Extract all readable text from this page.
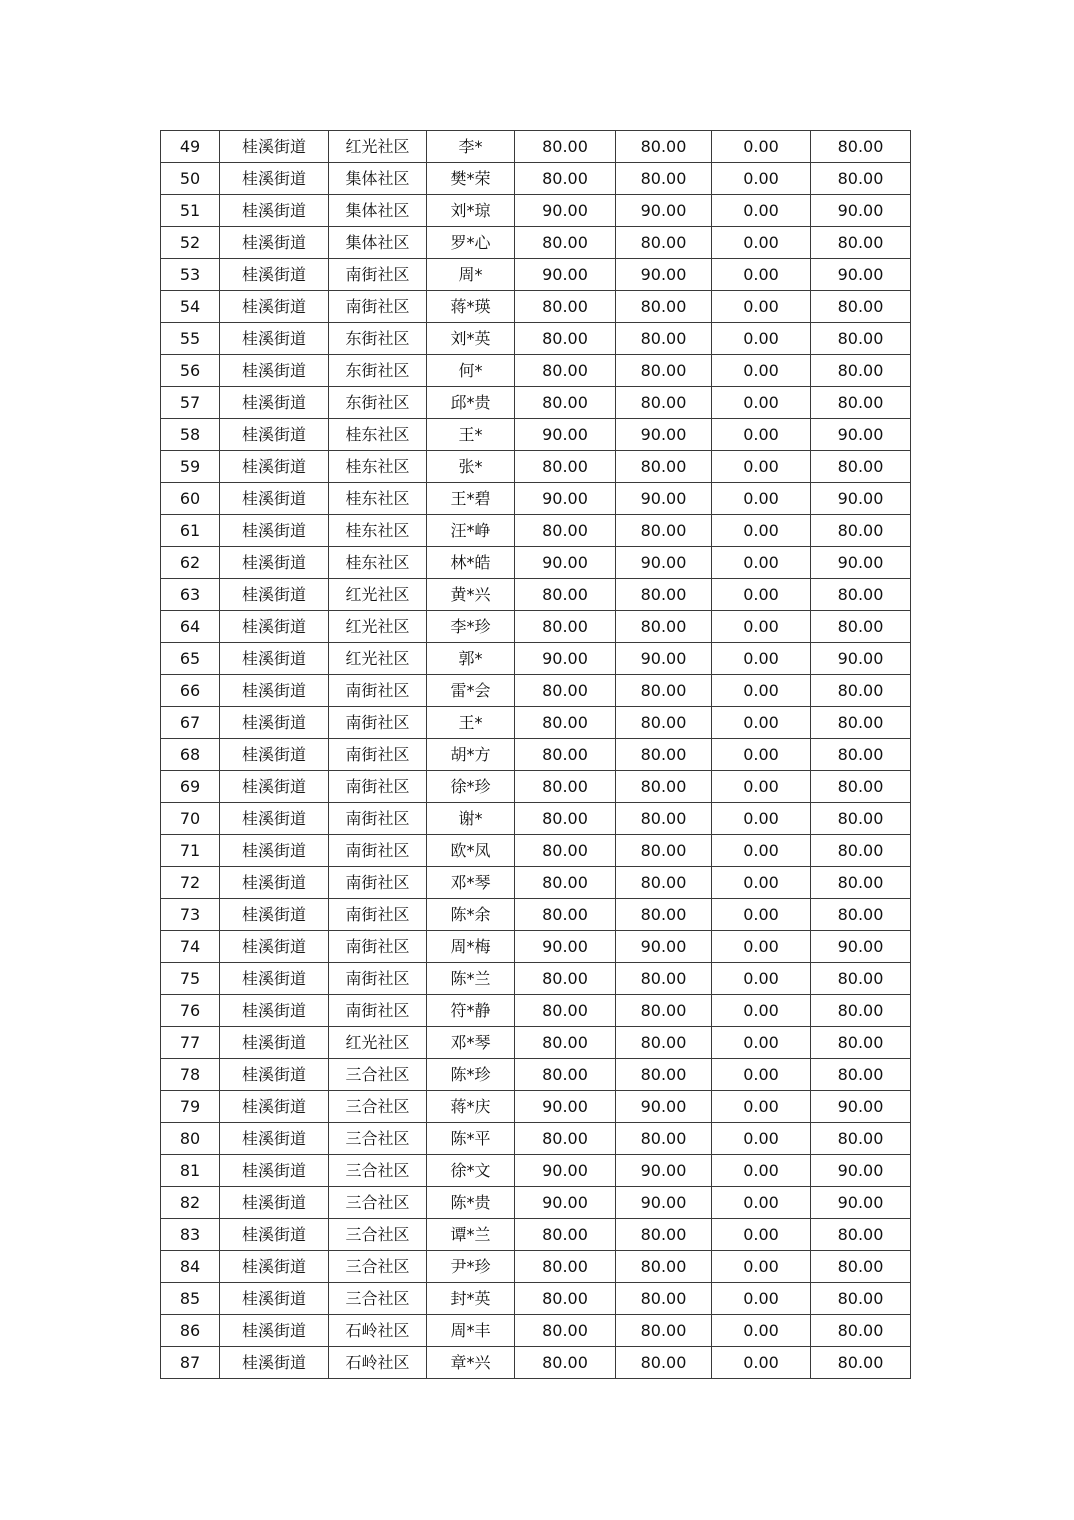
49	桂溪街道	红光社区	李*	80.00	80.00	0.00	80.00
50	桂溪街道	集体社区	樊*荣	80.00	80.00	0.00	80.00
51	桂溪街道	集体社区	刘*琼	90.00	90.00	0.00	90.00
52	桂溪街道	集体社区	罗*心	80.00	80.00	0.00	80.00
53	桂溪街道	南街社区	周*	90.00	90.00	0.00	90.00
54	桂溪街道	南街社区	蒋*瑛	80.00	80.00	0.00	80.00
55	桂溪街道	东街社区	刘*英	80.00	80.00	0.00	80.00
56	桂溪街道	东街社区	何*	80.00	80.00	0.00	80.00
57	桂溪街道	东街社区	邱*贵	80.00	80.00	0.00	80.00
58	桂溪街道	桂东社区	王*	90.00	90.00	0.00	90.00
59	桂溪街道	桂东社区	张*	80.00	80.00	0.00	80.00
60	桂溪街道	桂东社区	王*碧	90.00	90.00	0.00	90.00
61	桂溪街道	桂东社区	汪*峥	80.00	80.00	0.00	80.00
62	桂溪街道	桂东社区	林*皓	90.00	90.00	0.00	90.00
63	桂溪街道	红光社区	黄*兴	80.00	80.00	0.00	80.00
64	桂溪街道	红光社区	李*珍	80.00	80.00	0.00	80.00
65	桂溪街道	红光社区	郭*	90.00	90.00	0.00	90.00
66	桂溪街道	南街社区	雷*会	80.00	80.00	0.00	80.00
67	桂溪街道	南街社区	王*	80.00	80.00	0.00	80.00
68	桂溪街道	南街社区	胡*方	80.00	80.00	0.00	80.00
69	桂溪街道	南街社区	徐*珍	80.00	80.00	0.00	80.00
70	桂溪街道	南街社区	谢*	80.00	80.00	0.00	80.00
71	桂溪街道	南街社区	欧*凤	80.00	80.00	0.00	80.00
72	桂溪街道	南街社区	邓*琴	80.00	80.00	0.00	80.00
73	桂溪街道	南街社区	陈*余	80.00	80.00	0.00	80.00
74	桂溪街道	南街社区	周*梅	90.00	90.00	0.00	90.00
75	桂溪街道	南街社区	陈*兰	80.00	80.00	0.00	80.00
76	桂溪街道	南街社区	符*静	80.00	80.00	0.00	80.00
77	桂溪街道	红光社区	邓*琴	80.00	80.00	0.00	80.00
78	桂溪街道	三合社区	陈*珍	80.00	80.00	0.00	80.00
79	桂溪街道	三合社区	蒋*庆	90.00	90.00	0.00	90.00
80	桂溪街道	三合社区	陈*平	80.00	80.00	0.00	80.00
81	桂溪街道	三合社区	徐*文	90.00	90.00	0.00	90.00
82	桂溪街道	三合社区	陈*贵	90.00	90.00	0.00	90.00
83	桂溪街道	三合社区	谭*兰	80.00	80.00	0.00	80.00
84	桂溪街道	三合社区	尹*珍	80.00	80.00	0.00	80.00
85	桂溪街道	三合社区	封*英	80.00	80.00	0.00	80.00
86	桂溪街道	石岭社区	周*丰	80.00	80.00	0.00	80.00
87	桂溪街道	石岭社区	章*兴	80.00	80.00	0.00	80.00
